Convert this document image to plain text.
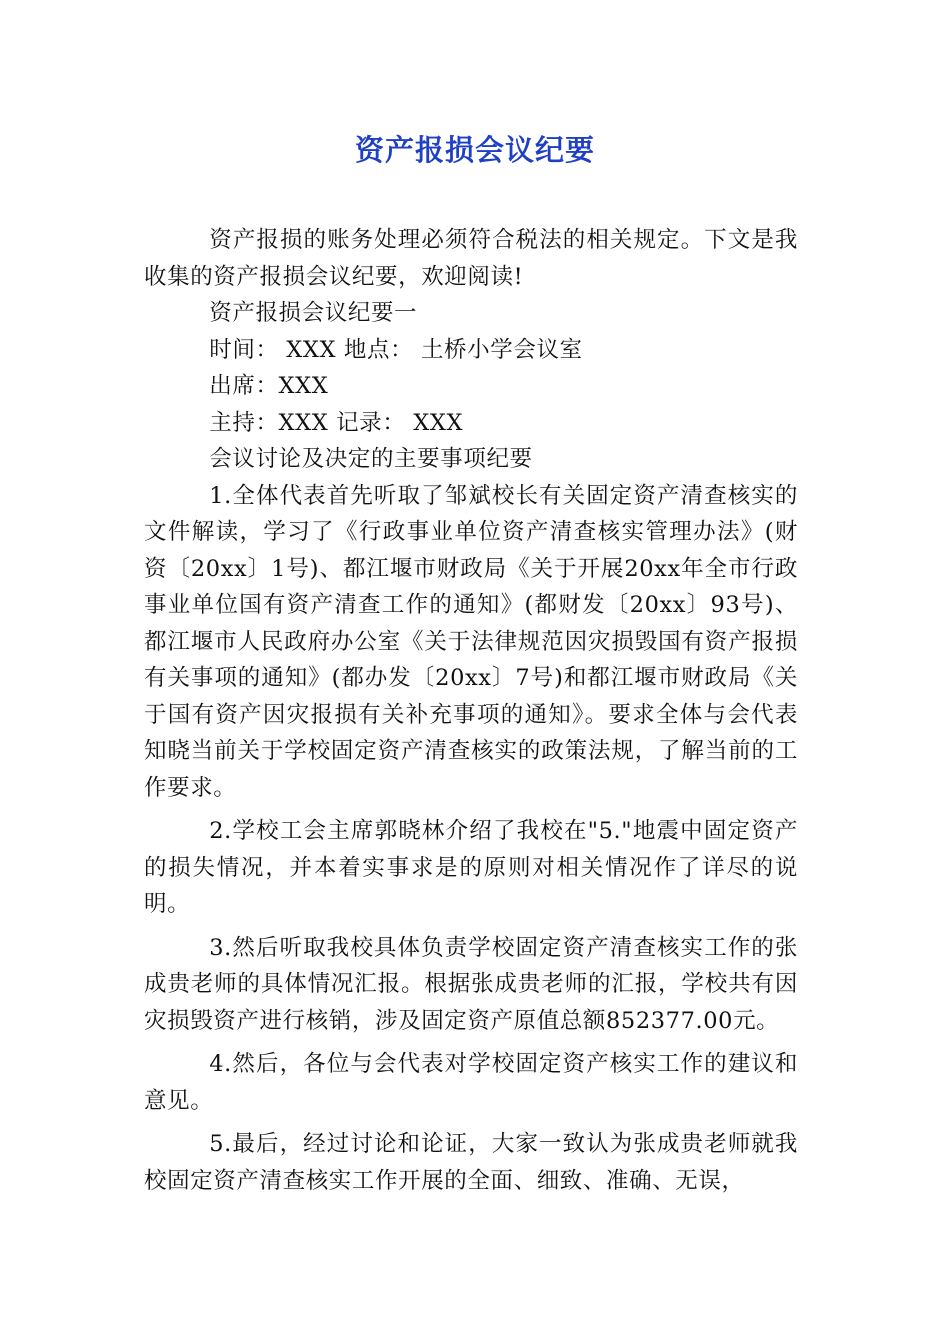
资产报损会议纪要

资产报损的账务处理必须符合税法的相关规定。下文是我收集的资产报损会议纪要，欢迎阅读!

资产报损会议纪要一

时间： XXX 地点： 土桥小学会议室

出席：XXX

主持：XXX 记录： XXX

会议讨论及决定的主要事项纪要

1.全体代表首先听取了邹斌校长有关固定资产清查核实的文件解读，学习了《行政事业单位资产清查核实管理办法》(财资〔20xx〕1号)、都江堰市财政局《关于开展20xx年全市行政事业单位国有资产清查工作的通知》(都财发〔20xx〕93号)、都江堰市人民政府办公室《关于法律规范因灾损毁国有资产报损有关事项的通知》(都办发〔20xx〕7号)和都江堰市财政局《关于国有资产因灾报损有关补充事项的通知》。要求全体与会代表知晓当前关于学校固定资产清查核实的政策法规，了解当前的工作要求。

2.学校工会主席郭晓林介绍了我校在"5."地震中固定资产的损失情况，并本着实事求是的原则对相关情况作了详尽的说明。

3.然后听取我校具体负责学校固定资产清查核实工作的张成贵老师的具体情况汇报。根据张成贵老师的汇报，学校共有因灾损毁资产进行核销，涉及固定资产原值总额852377.00元。

4.然后，各位与会代表对学校固定资产核实工作的建议和意见。

5.最后，经过讨论和论证，大家一致认为张成贵老师就我校固定资产清查核实工作开展的全面、细致、准确、无误，
